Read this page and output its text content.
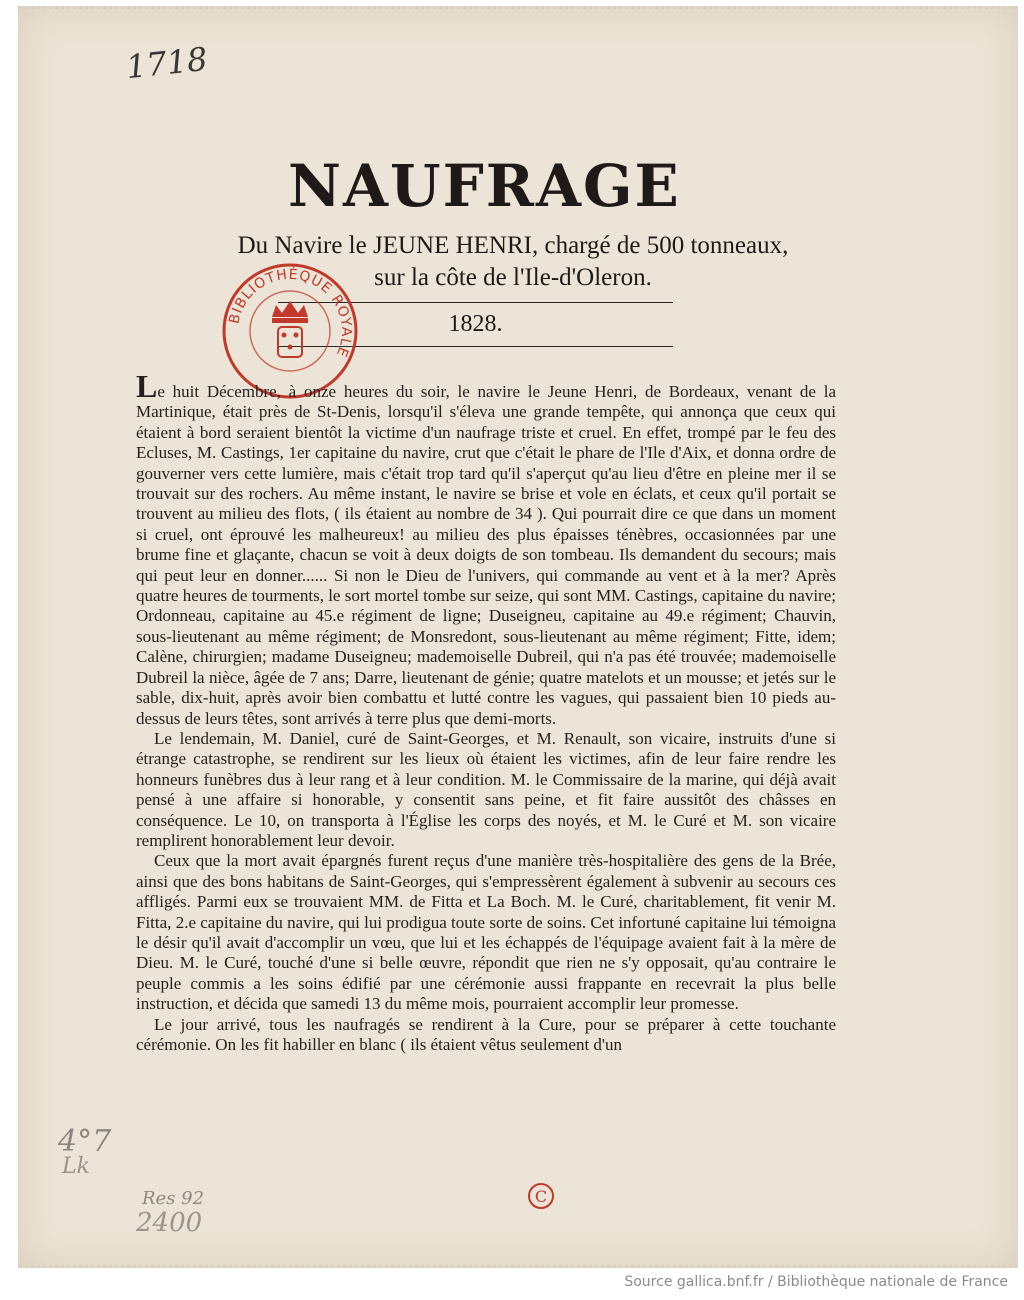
1718
4°7
Lk
Res 92
2400
NAUFRAGE
Du Navire le JEUNE HENRI, chargé de 500 tonneaux,
sur la côte de l'Ile-d'Oleron.
1828.
BIBLIOTHÈQUE ROYALE

Le huit Décembre, à onze heures du soir, le navire le Jeune Henri, de Bordeaux, venant de la Martinique, était près de St-Denis, lorsqu'il s'éleva une grande tempête, qui annonça que ceux qui étaient à bord seraient bientôt la victime d'un naufrage triste et cruel. En effet, trompé par le feu des Ecluses, M. Castings, 1er capitaine du navire, crut que c'était le phare de l'Ile d'Aix, et donna ordre de gouverner vers cette lumière, mais c'était trop tard qu'il s'aperçut qu'au lieu d'être en pleine mer il se trouvait sur des rochers. Au même instant, le navire se brise et vole en éclats, et ceux qu'il portait se trouvent au milieu des flots, ( ils étaient au nombre de 34 ). Qui pourrait dire ce que dans un moment si cruel, ont éprouvé les malheureux! au milieu des plus épaisses ténèbres, occasionnées par une brume fine et glaçante, chacun se voit à deux doigts de son tombeau. Ils demandent du secours; mais qui peut leur en donner...... Si non le Dieu de l'univers, qui commande au vent et à la mer? Après quatre heures de tourments, le sort mortel tombe sur seize, qui sont MM. Castings, capitaine du navire; Ordonneau, capitaine au 45.e régiment de ligne; Duseigneu, capitaine au 49.e régiment; Chauvin, sous-lieutenant au même régiment; de Monsredont, sous-lieutenant au même régiment; Fitte, idem; Calène, chirurgien; madame Duseigneu; mademoiselle Dubreil, qui n'a pas été trouvée; mademoiselle Dubreil la nièce, âgée de 7 ans; Darre, lieutenant de génie; quatre matelots et un mousse; et jetés sur le sable, dix-huit, après avoir bien combattu et lutté contre les vagues, qui passaient bien 10 pieds au-dessus de leurs têtes, sont arrivés à terre plus que demi-morts.

Le lendemain, M. Daniel, curé de Saint-Georges, et M. Renault, son vicaire, instruits d'une si étrange catastrophe, se rendirent sur les lieux où étaient les victimes, afin de leur faire rendre les honneurs funèbres dus à leur rang et à leur condition. M. le Commissaire de la marine, qui déjà avait pensé à une affaire si honorable, y consentit sans peine, et fit faire aussitôt des châsses en conséquence. Le 10, on transporta à l'Église les corps des noyés, et M. le Curé et M. son vicaire remplirent honorablement leur devoir.

Ceux que la mort avait épargnés furent reçus d'une manière très-hospitalière des gens de la Brée, ainsi que des bons habitans de Saint-Georges, qui s'empressèrent également à subvenir au secours ces affligés. Parmi eux se trouvaient MM. de Fitta et La Boch. M. le Curé, charitablement, fit venir M. Fitta, 2.e capitaine du navire, qui lui prodigua toute sorte de soins. Cet infortuné capitaine lui témoigna le désir qu'il avait d'accomplir un vœu, que lui et les échappés de l'équipage avaient fait à la mère de Dieu. M. le Curé, touché d'une si belle œuvre, répondit que rien ne s'y opposait, qu'au contraire le peuple commis a les soins édifié par une cérémonie aussi frappante en recevrait la plus belle instruction, et décida que samedi 13 du même mois, pourraient accomplir leur promesse.

Le jour arrivé, tous les naufragés se rendirent à la Cure, pour se préparer à cette touchante cérémonie. On les fit habiller en blanc ( ils étaient vêtus seulement d'un

C
Source gallica.bnf.fr / Bibliothèque nationale de France
